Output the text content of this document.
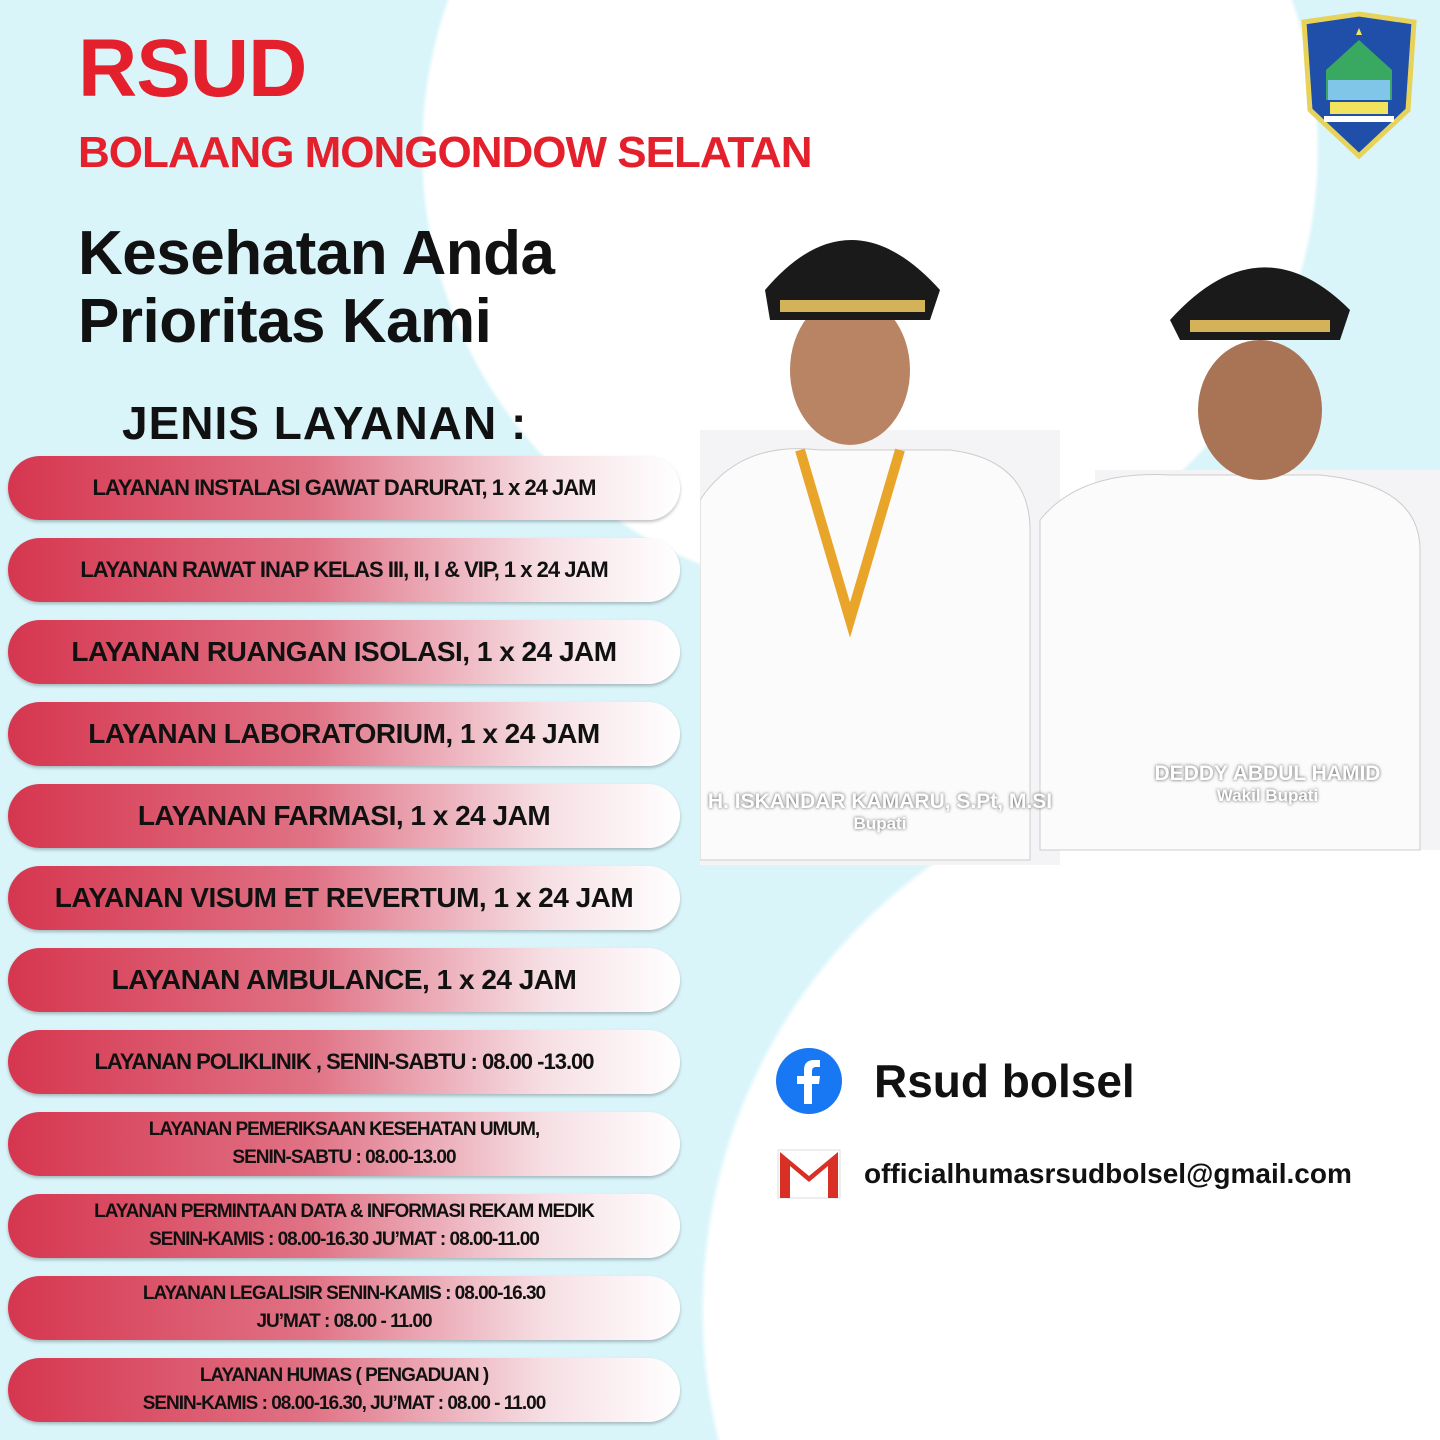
RSUD
BOLAANG MONGONDOW SELATAN
Kesehatan Anda
Prioritas Kami
JENIS LAYANAN :
LAYANAN INSTALASI GAWAT DARURAT, 1 x 24 JAM
LAYANAN RAWAT INAP KELAS III, II, I & VIP, 1 x 24 JAM
LAYANAN RUANGAN ISOLASI, 1 x 24 JAM
LAYANAN LABORATORIUM, 1 x 24 JAM
LAYANAN FARMASI, 1 x 24 JAM
LAYANAN VISUM ET REVERTUM, 1 x 24 JAM
LAYANAN AMBULANCE, 1 x 24 JAM
LAYANAN POLIKLINIK , SENIN-SABTU : 08.00 -13.00
LAYANAN PEMERIKSAAN KESEHATAN UMUM,
SENIN-SABTU : 08.00-13.00
LAYANAN PERMINTAAN DATA & INFORMASI REKAM MEDIK
SENIN-KAMIS : 08.00-16.30 JU’MAT : 08.00-11.00
LAYANAN LEGALISIR SENIN-KAMIS : 08.00-16.30
JU’MAT : 08.00 - 11.00
LAYANAN HUMAS ( PENGADUAN )
SENIN-KAMIS : 08.00-16.30, JU’MAT : 08.00 - 11.00
H. ISKANDAR KAMARU, S.Pt, M.SI
Bupati
DEDDY ABDUL HAMID
Wakil Bupati
Rsud bolsel
officialhumasrsudbolsel@gmail.com
